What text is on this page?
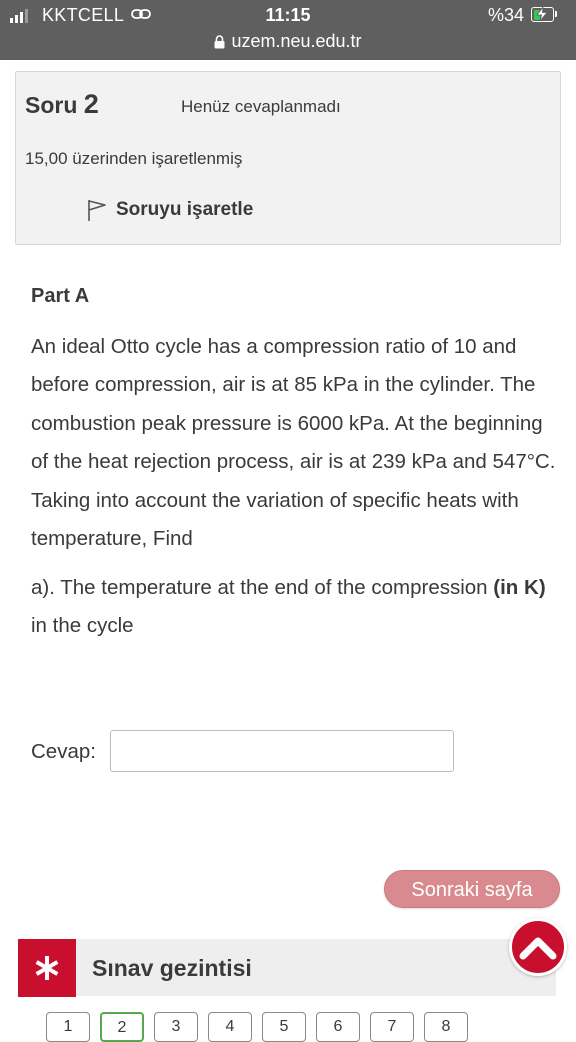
KKTCELL	11:15
uzem.neu.edu.tr
%34
Soru 2	Henüz cevaplanmadı
15,00 üzerinden işaretlenmiş
Soruyu işaretle
Part A
An ideal Otto cycle has a compression ratio of 10 and before compression, air is at 85 kPa in the cylinder. The combustion peak pressure is 6000 kPa. At the beginning of the heat rejection process, air is at 239 kPa and 547°C. Taking into account the variation of specific heats with temperature, Find
a). The temperature at the end of the compression (in K) in the cycle
Cevap:
Sonraki sayfa
Sınav gezintisi
1	2	3	4	5	6	7	8
